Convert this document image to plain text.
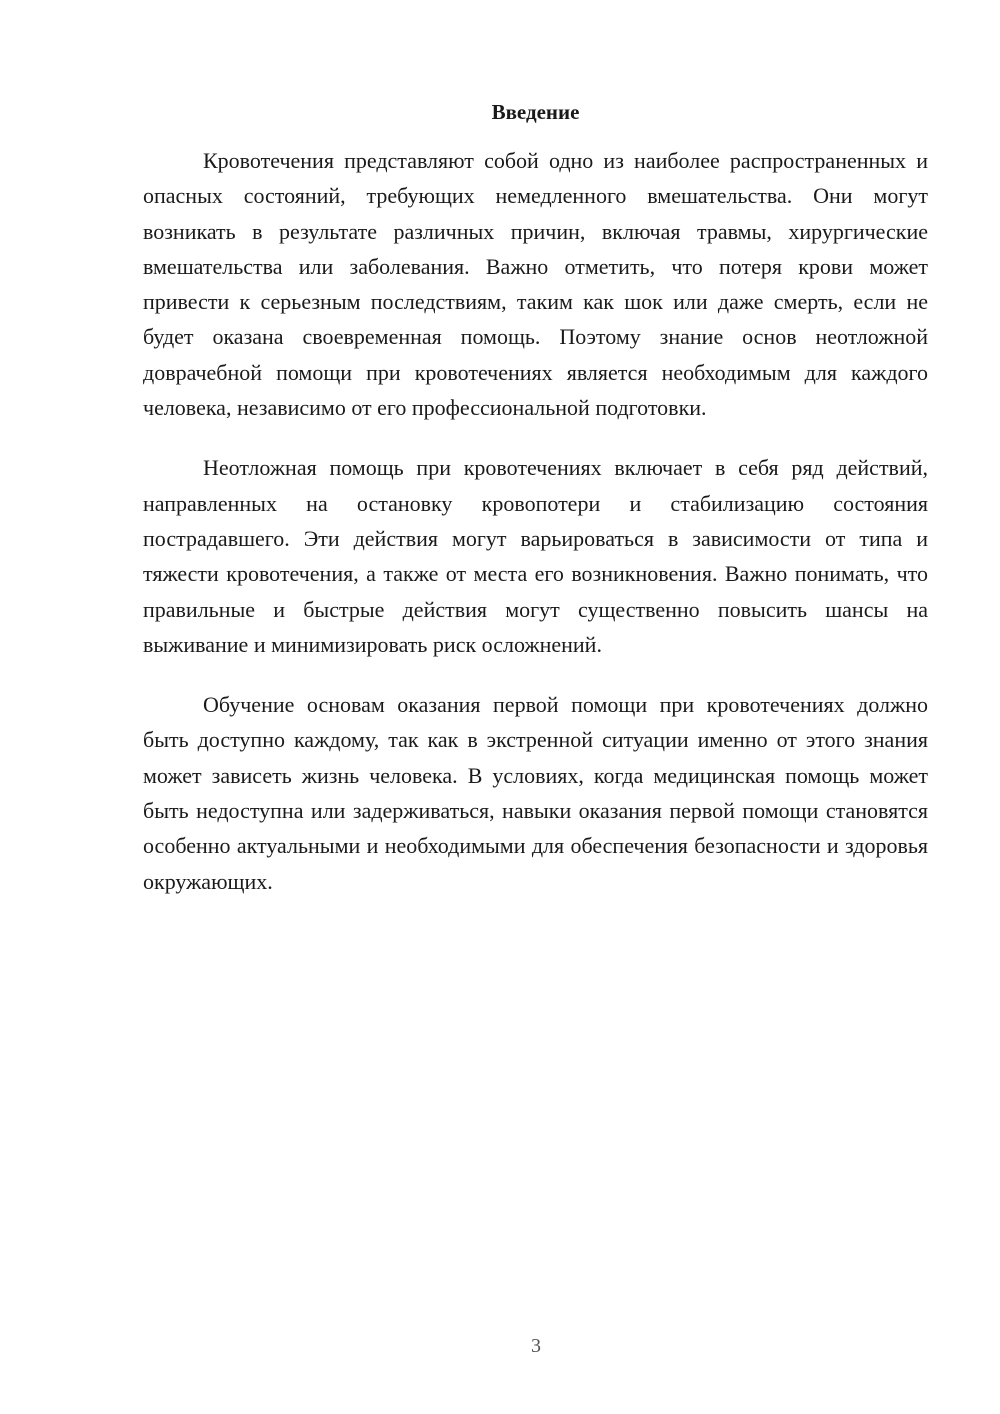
Введение

Кровотечения представляют собой одно из наиболее распространенных и опасных состояний, требующих немедленного вмешательства. Они могут возникать в результате различных причин, включая травмы, хирургические вмешательства или заболевания. Важно отметить, что потеря крови может привести к серьезным последствиям, таким как шок или даже смерть, если не будет оказана своевременная помощь. Поэтому знание основ неотложной доврачебной помощи при кровотечениях является необходимым для каждого человека, независимо от его профессиональной подготовки.

Неотложная помощь при кровотечениях включает в себя ряд действий, направленных на остановку кровопотери и стабилизацию состояния пострадавшего. Эти действия могут варьироваться в зависимости от типа и тяжести кровотечения, а также от места его возникновения. Важно понимать, что правильные и быстрые действия могут существенно повысить шансы на выживание и минимизировать риск осложнений.

Обучение основам оказания первой помощи при кровотечениях должно быть доступно каждому, так как в экстренной ситуации именно от этого знания может зависеть жизнь человека. В условиях, когда медицинская помощь может быть недоступна или задерживаться, навыки оказания первой помощи становятся особенно актуальными и необходимыми для обеспечения безопасности и здоровья окружающих.

3
